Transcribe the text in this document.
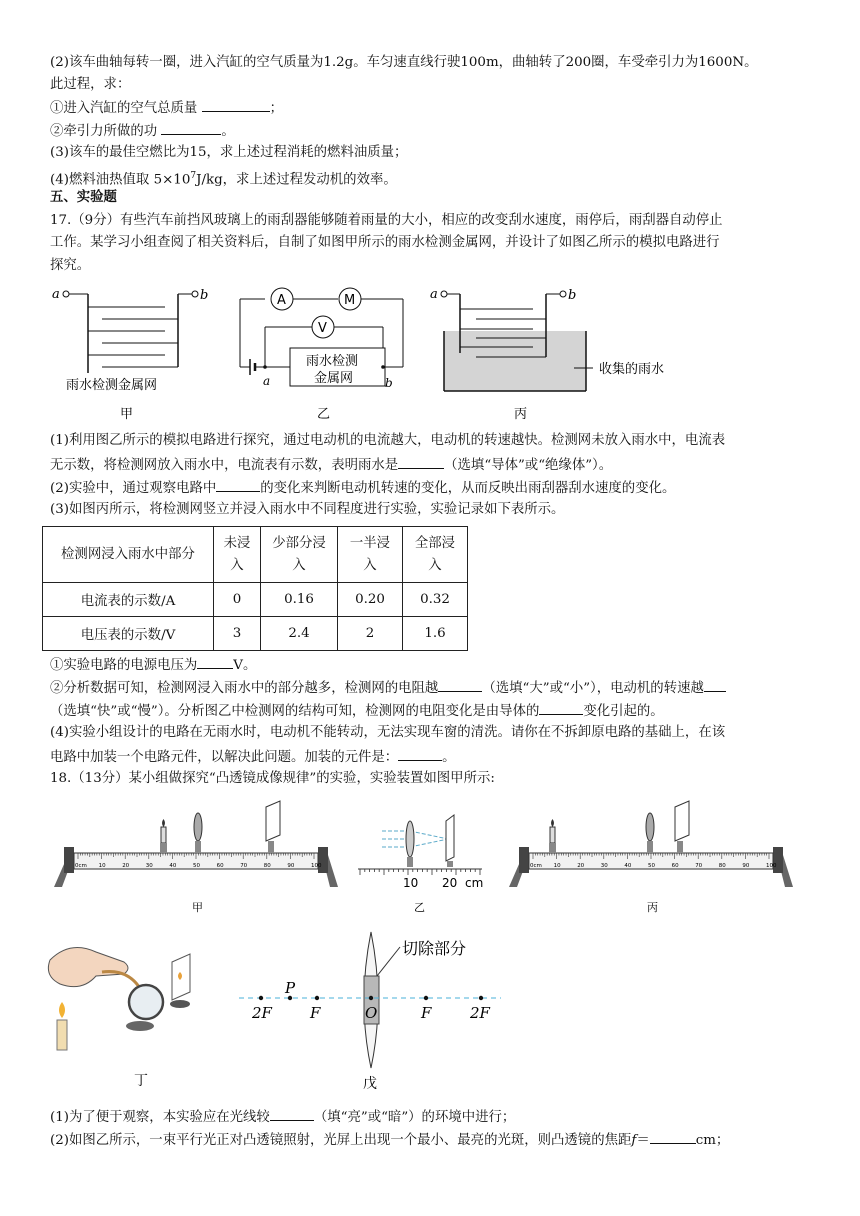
(2)该车曲轴每转一圈，进入汽缸的空气质量为1.2g。车匀速直线行驶100m，曲轴转了200圈，车受牵引力为1600N。
此过程，求：
①进入汽缸的空气总质量	；
②牵引力所做的功	。
(3)该车的最佳空燃比为15，求上述过程消耗的燃料油质量；
(4)燃料油热值取 $5\times 10^7J/kg$，求上述过程发动机的效率。
五、实验题
17.（9分）有些汽车前挡风玻璃上的雨刮器能够随着雨量的大小，相应的改变刮水速度，雨停后，雨刮器自动停止
工作。某学习小组查阅了相关资料后，自制了如图甲所示的雨水检测金属网，并设计了如图乙所示的模拟电路进行
探究。
a	b
雨水检测金属网
甲
A	M
V
雨水检测
金属网
a	b
乙
a	b
收集的雨水
丙
(1)利用图乙所示的模拟电路进行探究，通过电动机的电流越大，电动机的转速越快。检测网未放入雨水中，电流表
无示数，将检测网放入雨水中，电流表有示数，表明雨水是	（选填“导体”或“绝缘体”）。
(2)实验中，通过观察电路中	的变化来判断电动机转速的变化，从而反映出雨刮器刮水速度的变化。
(3)如图丙所示，将检测网竖立并浸入雨水中不同程度进行实验，实验记录如下表所示。
检测网浸入雨水中部分	未浸入	少部分浸入	一半浸入	全部浸入
电流表的示数/A	0	0.16	0.20	0.32
电压表的示数/V	3	2.4	2	1.6
①实验电路的电源电压为	V。
②分析数据可知，检测网浸入雨水中的部分越多，检测网的电阻越	（选填“大”或“小”），电动机的转速越
（选填“快”或“慢”）。分析图乙中检测网的结构可知，检测网的电阻变化是由导体的	变化引起的。
(4)实验小组设计的电路在无雨水时，电动机不能转动，无法实现车窗的清洗。请你在不拆卸原电路的基础上，在该
电路中加装一个电路元件，以解决此问题。加装的元件是：	。
18.（13分）某小组做探究“凸透镜成像规律”的实验，实验装置如图甲所示:
0cm 10	20	30	40	50	60	70	80	90	100
甲
10 20 cm
乙
0cm 10	20	30	40	50	60	70	80	90	100
丙
丁
切除部分
P
2F	F	O	F	2F
戊
(1)为了便于观察，本实验应在光线较	（填“亮”或“暗”）的环境中进行；
(2)如图乙所示，一束平行光正对凸透镜照射，光屏上出现一个最小、最亮的光斑，则凸透镜的焦距f＝	cm；
